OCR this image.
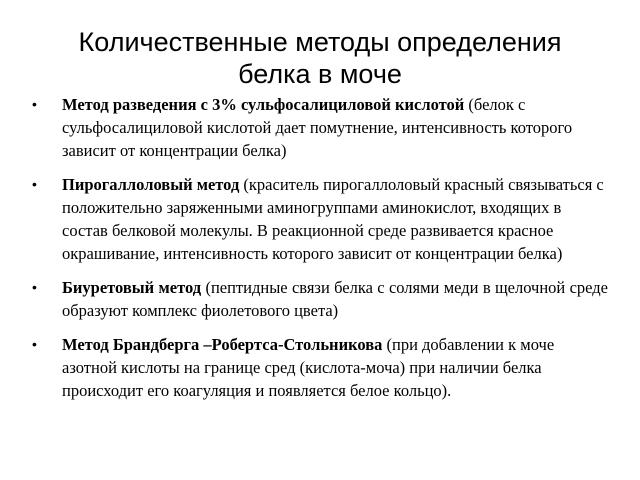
Количественные методы определения
белка в моче
• Метод разведения с 3% сульфосалициловой кислотой (белок с сульфосалициловой кислотой дает помутнение, интенсивность которого зависит от концентрации белка)
• Пирогаллоловый метод (краситель пирогаллоловый красный связываться с положительно заряженными аминогруппами аминокислот, входящих в состав белковой молекулы. В реакционной среде развивается красное окрашивание, интенсивность которого зависит от концентрации белка)
• Биуретовый метод (пептидные связи белка с солями меди в щелочной среде образуют комплекс фиолетового цвета)
• Метод Брандберга –Робертса-Стольникова (при добавлении к моче азотной кислоты на границе сред (кислота-моча) при наличии белка происходит его коагуляция и появляется белое кольцо).
